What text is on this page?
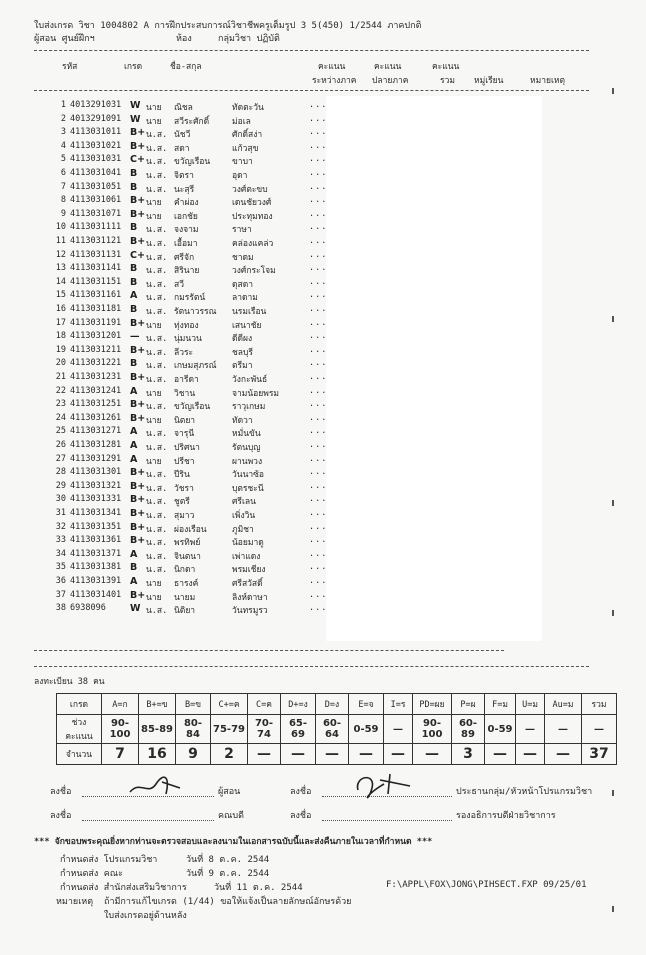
ใบส่งเกรด วิชา 1004802 A การฝึกประสบการณ์วิชาชีพครูเต็มรูป 3 5(450) 1/2544 ภาคปกติ
ผู้สอน ศูนย์ฝึกฯ	ห้อง	กลุ่มวิชา ปฏิบัติ
รหัส	เกรด	ชื่อ-สกุล	คะแนน	คะแนน	คะแนน
ระหว่างภาค ปลายภาค	รวม หมู่เรียน	หมายเหตุ
1 4013291031 W นาย ณิชล	ทัดตะวัน	...
2 4013291091 W นาย สวีระศักดิ์	ม่อเล	...
3 4113031011 B+ น.ส. นัชวี	ศักดิ์สง่า	...
4 4113031021 B+ น.ส. สดา	แก้วสุข	...
5 4113031031 C+ น.ส. ขวัญเรือน	ขาบา	...
6 4113031041 B น.ส. จิตรา	อุดา	...
7 4113031051 B น.ส. นะสุรี	วงศ์ตะขบ	...
8 4113031061 B+ นาย คำผ่อง	เดนชัยวงศ์	...
9 4113031071 B+ นาย เอกชัย	ประทุมทอง	...
10 4113031111 B น.ส. จงจาม	ราษา	...
11 4113031121 B+ น.ส. เอื้อมา	คล่องแคล่ว	...
12 4113031131 C+ น.ส. ศรีจัก	ชาดม	...
13 4113031141 B น.ส. สิรินาย	วงศ์กระโจม	...
14 4113031151 B น.ส. สวี	ดุสดา	...
15 4113031161 A น.ส. กมรรัตน์	ลาดาม	...
16 4113031181 B น.ส. รัตนาวรรณ นรมเรือน	...
17 4113031191 B+ นาย ทุ่งทอง	เสนาชัย	...
18 4113031201 — น.ส. นุ่มนวน	ดีดีผง	...
19 4113031211 B+ น.ส. ลีวระ	ชลบุรี	...
20 4113031221 B น.ส. เกษมสุภรณ์ ตรีมา	...
21 4113031231 B+ น.ส. อารีดา	วังกะพันธ์	...
22 4113031241 A นาย วิชาน	จามน้อยพรม	...
23 4113031251 B+ น.ส. ขวัญเรือน	ราวุเกษม	...
24 4113031261 B+ นาย นิตยา	ทัดวา	...
25 4113031271 A น.ส. จารุนี	หมั่นขัน	...
26 4113031281 A น.ส. ปริศนา	รัตนบุญ	...
27 4113031291 A นาย ปรีชา	ผานพวง	...
28 4113031301 B+ น.ส. ปีริน	วันนาซ้อ	...
29 4113031321 B+ น.ส. วัชรา	บุตรชะนี	...
30 4113031331 B+ น.ส. ชูตรี	ศรีเลน	...
31 4113031341 B+ น.ส. สุมาว	เพิ่งวิน	...
32 4113031351 B+ น.ส. ผ่องเรือน	ภูมิชา	...
33 4113031361 B+ น.ส. พรทิพย์	น้อยมาดู	...
34 4113031371 A น.ส. จินตนา	เพ่าแดง	...
35 4113031381 B น.ส. นิกดา	พรมเชียง	...
36 4113031391 A นาย ธารงค์	ศรีสวัสดิ์	...
37 4113031401 B+ นาย นายม	ลิงห์ดาษา	...
38 6938096	W น.ส. นิติยา	วันทรมูรว	...
ลงทะเบียน 38 คน
เกรด	A=ก	B+=ข	B=ข	C+=ค	C=ค	D+=ง	D=ง	E=จ	I=ร	PD=ผย	P=ผ	F=ม	U=ม	Au=ม	รวม
ช่วงคะแนน	90-100	85-89	80-84	75-79	70-74	65-69	60-64	0-59	—	90-100	60-89	0-59	—	—	—
จำนวน	7	16	9	2	—	—	—	—	—	—	3	—	—	—	37
ลงชื่อ	ผู้สอน	ลงชื่อ	ประธานกลุ่ม/หัวหน้าโปรแกรมวิชา
ลงชื่อ	คณบดี	ลงชื่อ	รองอธิการบดีฝ่ายวิชาการ
*** จักขอบพระคุณยิ่งหากท่านจะตรวจสอบและลงนามในเอกสารฉบับนี้และส่งคืนภายในเวลาที่กำหนด ***
กำหนดส่ง โปรแกรมวิชา	วันที่ 8 ต.ค. 2544
กำหนดส่ง คณะ	วันที่ 9 ต.ค. 2544
กำหนดส่ง สำนักส่งเสริมวิชาการ	วันที่ 11 ต.ค. 2544	F:\APPL\FOX\JONG\PIHSECT.FXP 09/25/01
หมายเหตุ ถ้ามีการแก้ไขเกรด (1/44) ขอให้แจ้งเป็นลายลักษณ์อักษรด้วย
ใบส่งเกรดอยู่ด้านหลัง
